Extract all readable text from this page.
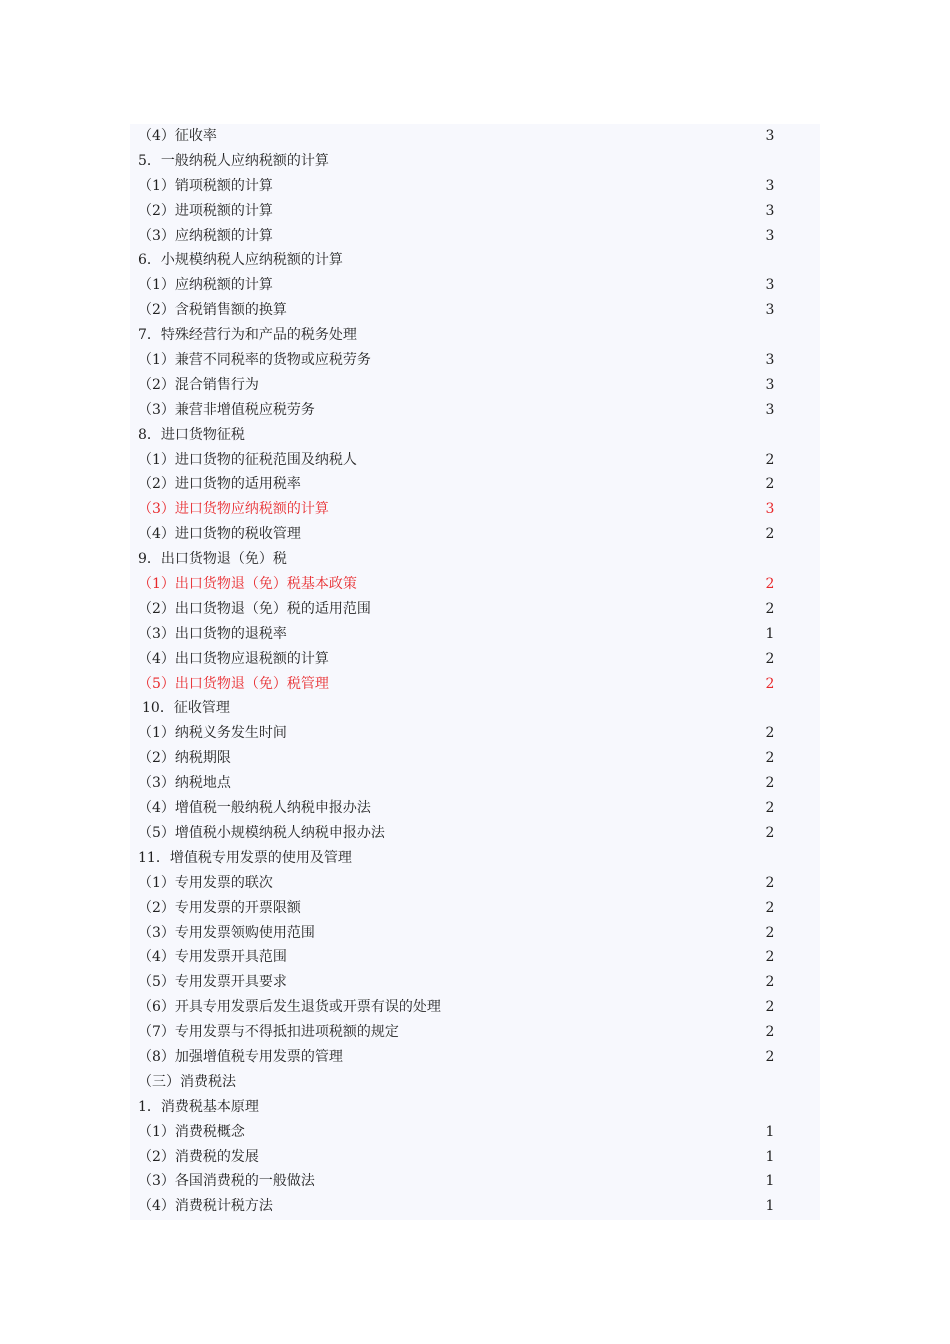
（4）征收率	3
5．一般纳税人应纳税额的计算
（1）销项税额的计算	3
（2）进项税额的计算	3
（3）应纳税额的计算	3
6．小规模纳税人应纳税额的计算
（1）应纳税额的计算	3
（2）含税销售额的换算	3
7．特殊经营行为和产品的税务处理
（1）兼营不同税率的货物或应税劳务	3
（2）混合销售行为	3
（3）兼营非增值税应税劳务	3
8．进口货物征税
（1）进口货物的征税范围及纳税人	2
（2）进口货物的适用税率	2
（3）进口货物应纳税额的计算	3
（4）进口货物的税收管理	2
9．出口货物退（免）税
（1）出口货物退（免）税基本政策	2
（2）出口货物退（免）税的适用范围	2
（3）出口货物的退税率	1
（4）出口货物应退税额的计算	2
（5）出口货物退（免）税管理	2
10．征收管理
（1）纳税义务发生时间	2
（2）纳税期限	2
（3）纳税地点	2
（4）增值税一般纳税人纳税申报办法	2
（5）增值税小规模纳税人纳税申报办法	2
11．增值税专用发票的使用及管理
（1）专用发票的联次	2
（2）专用发票的开票限额	2
（3）专用发票领购使用范围	2
（4）专用发票开具范围	2
（5）专用发票开具要求	2
（6）开具专用发票后发生退货或开票有误的处理	2
（7）专用发票与不得抵扣进项税额的规定	2
（8）加强增值税专用发票的管理	2
（三）消费税法
1．消费税基本原理
（1）消费税概念	1
（2）消费税的发展	1
（3）各国消费税的一般做法	1
（4）消费税计税方法	1
